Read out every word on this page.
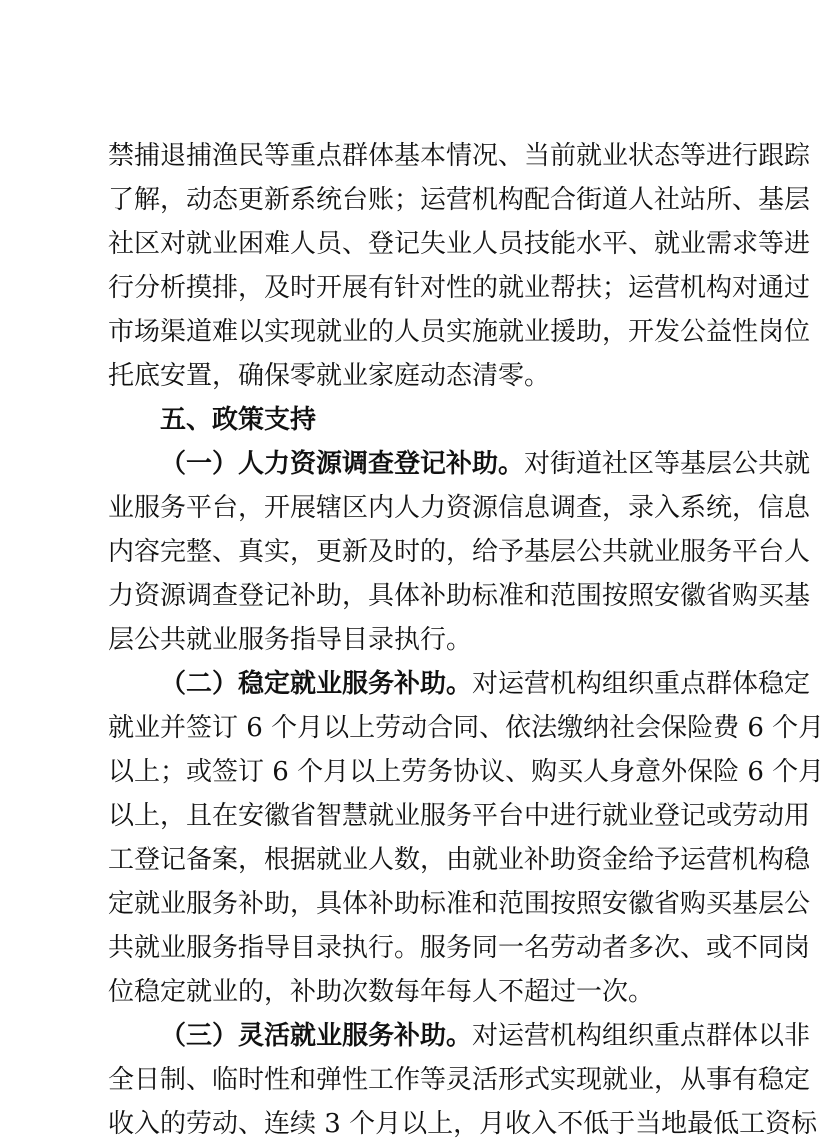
禁捕退捕渔民等重点群体基本情况、当前就业状态等进行跟踪
了解，动态更新系统台账；运营机构配合街道人社站所、基层
社区对就业困难人员、登记失业人员技能水平、就业需求等进
行分析摸排，及时开展有针对性的就业帮扶；运营机构对通过
市场渠道难以实现就业的人员实施就业援助，开发公益性岗位
托底安置，确保零就业家庭动态清零。
五、政策支持
（一）人力资源调查登记补助。对街道社区等基层公共就
业服务平台，开展辖区内人力资源信息调查，录入系统，信息
内容完整、真实，更新及时的，给予基层公共就业服务平台人
力资源调查登记补助，具体补助标准和范围按照安徽省购买基
层公共就业服务指导目录执行。
（二）稳定就业服务补助。对运营机构组织重点群体稳定
就业并签订 6 个月以上劳动合同、依法缴纳社会保险费 6 个月
以上；或签订 6 个月以上劳务协议、购买人身意外保险 6 个月
以上，且在安徽省智慧就业服务平台中进行就业登记或劳动用
工登记备案，根据就业人数，由就业补助资金给予运营机构稳
定就业服务补助，具体补助标准和范围按照安徽省购买基层公
共就业服务指导目录执行。服务同一名劳动者多次、或不同岗
位稳定就业的，补助次数每年每人不超过一次。
（三）灵活就业服务补助。对运营机构组织重点群体以非
全日制、临时性和弹性工作等灵活形式实现就业，从事有稳定
收入的劳动、连续 3 个月以上，月收入不低于当地最低工资标
